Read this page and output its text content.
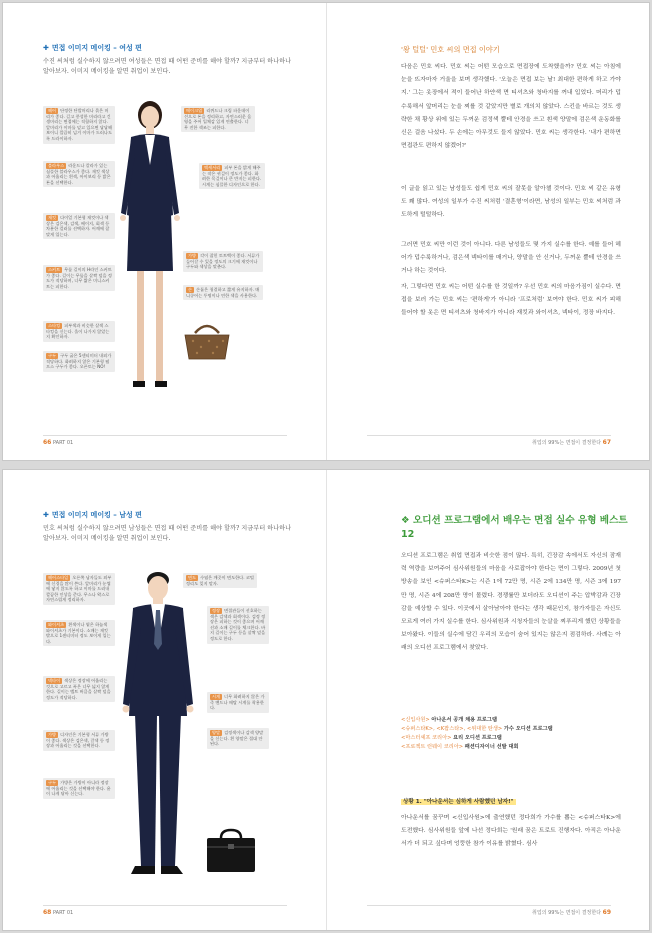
✚ 면접 이미지 메이킹 – 여성 편
수진 씨처럼 실수하지 않으려면 여성들은 면접 때 어떤 준비를 해야 할까? 지금부터 하나하나 알아보자. 이미지 메이킹을 알면 취업이 보인다.
헤어 단정한 단발머리나 묶은 머리가 좋다. 길고 풍성한 머리라고 긴 생머리는 면접에는 적합하지 않다. 앞머리가 이마를 덮고 있으면 답답해 보이니 깔끔히 넘겨 이마가 드러나도록 드라이하자.
블라우스 라운드나 칼라가 있는 심플한 블라우스가 좋다. 재킷 색상과 어울리는 흰색, 아이보리 등 밝은 톤을 선택한다.
재킷 다이얼 기본형 재킷이나 색상은 검은색, 감색, 베이지, 회색 등 차분한 컬러를 선택하자. 어깨에 잘 맞게 입는다.
스커트 무릎 길이의 H라인 스커트가 좋다. 길이는 무릎을 살짝 덮을 정도가 적당하며, 너무 짧은 미니스커트는 피한다.
스타킹 피부색과 비슷한 살색 스타킹을 신는다. 올이 나가지 않았는지 확인하자.
구두 구두 굽은 5센티미터 내외가 적당하다. 화려하지 않은 기본형 펌프스 구두가 좋다. 오픈토는 NO!
메이크업 리퀴드나 크림 파운데이션으로 톤을 정리하고, 자연스러운 음영을 주어 입체감 있게 연출한다. 너무 진한 색조는 피한다.
액세서리 피부 톤을 밝게 해주는 작은 귀걸이 정도가 좋다. 화려한 목걸이나 큰 반지는 피한다. 시계는 심플한 디자인으로 한다.
가방 각이 잡힌 토트백이 좋다. 서류가 들어갈 수 있을 정도의 크기에 재킷이나 구두와 색상을 맞춘다.
손 손톱은 청결하고 짧게 유지하자. 매니큐어는 투명이나 연한 색을 사용한다.
66 PART 01
'왕 털털' 민호 씨의 면접 이야기
다음은 민호 씨다. 민호 씨는 어떤 모습으로 면접장에 도착했을까? 민호 씨는 아침에 눈을 뜨자마자 거울을 보며 생각했다. '오늘은 면접 보는 날! 최대한 편하게 하고 가야지.' 그는 옷장에서 적이 들어난 하얀색 면 티셔츠와 청바지를 꺼내 입었다. 머리가 덥수룩해서 앞머리는 눈을 찌를 것 같았지만 별로 개의치 않았다. 스킨을 바르는 것도 생략한 채 황상 위에 있는 두꺼운 검정색 뿔테 안경을 쓰고 흰색 양말에 검은색 운동화를 신은 걸음 나섰다. 두 손에는 아무것도 들지 않았다. 민호 씨는 생각한다. '내가 편하면 면접관도 편하지 않겠어?'
이 글을 읽고 있는 남성들도 쉽게 민호 씨의 잘못을 알아챌 것이다. 민호 씨 같은 유형도 꽤 많다. 여성의 일부가 수진 씨처럼 '결혼형'이라면, 남성의 일부는 민호 씨처럼 과도하게 털털하다.
그러면 민호 씨만 이런 것이 아니다. 다른 남성들도 몇 가지 실수를 한다. 예를 들어 헤어가 덥수룩하거나, 검은색 넥타이를 매거나, 양말을 안 신거나, 두꺼운 뿔테 안경을 쓰거나 하는 것이다.
자, 그렇다면 민호 씨는 어떤 실수를 한 것일까? 우선 민호 씨의 마음가짐이 실수다. 면접을 보러 가는 민호 씨는 '편하게'가 아니라 '프로처럼' 보여야 한다. 민호 씨가 피해 들어야 할 옷은 면 티셔츠와 청바지가 아니라 재킷과 와이셔츠, 넥타이, 정장 바지다.
취업의 99%는 면접이 결정한다 67
✚ 면접 이미지 메이킹 – 남성 편
민호 씨처럼 실수하지 않으려면 남성들은 면접 때 어떤 준비를 해야 할까? 지금부터 하나하나 알아보자. 이미지 메이킹을 알면 취업이 보인다.
헤어스타일 오른쪽 남자들도 외부에 신경을 많이 쓴다. 앞머리가 눈썹에 닿지 않도록 하고 이마를 드러내 깔끔한 인상을 준다. 무스나 왁스로 자연스럽게 정리하자.
와이셔츠 흰색이나 옅은 하늘색 와이셔츠가 기본이다. 소매는 재킷 밖으로 1센티미터 정도 보이게 입는다.
넥타이 색상은 정장에 어울리는 것으로 고르고 폭은 너무 넓지 않게 한다. 길이는 벨트 버클을 살짝 덮을 정도가 적당하다.
가방 디자인은 기본형 서류 가방이 좋다. 색상은 검은색, 갈색 등 정장과 어울리는 것을 선택한다.
구두 가방은 가방이 아니라 정장에 어울리는 것을 선택해야 한다. 윤이 나게 닦아 신는다.
면도 수염은 깨끗이 면도한다. 코털 정리도 잊지 말자.
정장 면접관들이 선호하는 색은 감색과 회색이다. 검정 정장은 피하는 것이 좋으며 어깨선과 소매 길이를 체크한다. 바지 길이는 구두 등을 살짝 덮을 정도로 한다.
시계 너무 화려하지 않은 가죽 밴드나 메탈 시계를 착용한다.
양말 검정색이나 감색 양말을 신는다. 흰 양말은 절대 안 된다.
68 PART 01
❖ 오디션 프로그램에서 배우는 면접 실수 유형 베스트 12
오디션 프로그램은 취업 면접과 비슷한 점이 많다. 특히, 긴장감 속에서도 자신의 잠재력 역량을 보여주어 심사위원들의 마음을 사로잡아야 한다는 면이 그렇다. 2009년 첫 방송을 보인 <슈퍼스타K>는 시즌 1에 72만 명, 시즌 2에 134만 명, 시즌 3에 197만 명, 시즌 4에 208만 명이 몰렸다. 경쟁률만 보더라도 오디션이 주는 압박감과 긴장감을 예상할 수 있다. 이곳에서 살아남아야 한다는 생각 때문인지, 참가자들은 자신도 모르게 여러 가지 실수를 한다. 심사위원과 시청자들의 눈살을 찌푸리게 했던 상황들을 보아왔다. 이들의 실수에 담긴 우리의 모습이 숨어 있지는 않은지 점검하라. 사례는 아래의 오디션 프로그램에서 찾았다.
<신입사원> 아나운서 공개 채용 프로그램
<슈퍼스타K>, <K팝스타>, <위대한 탄생> 가수 오디션 프로그램
<마스터셰프 코리아> 요리 오디션 프로그램
<프로젝트 런웨이 코리아> 패션디자이너 선발 대회
상황 1. "아나운서는 심하게 사람했던 남자!"
아나운서를 꿈꾸며 <신입사원>에 출연했던 정다희가 가수를 뽑는 <슈퍼스타K>에 도전했다. 심사위원들 앞에 나선 정다희는 '원래 꿈은 트로트 진행자다. 아직은 아나운서가 더 되고 싶다며 엉뚱한 참가 이유를 밝혔다. 심사
취업의 99%는 면접이 결정한다 69
